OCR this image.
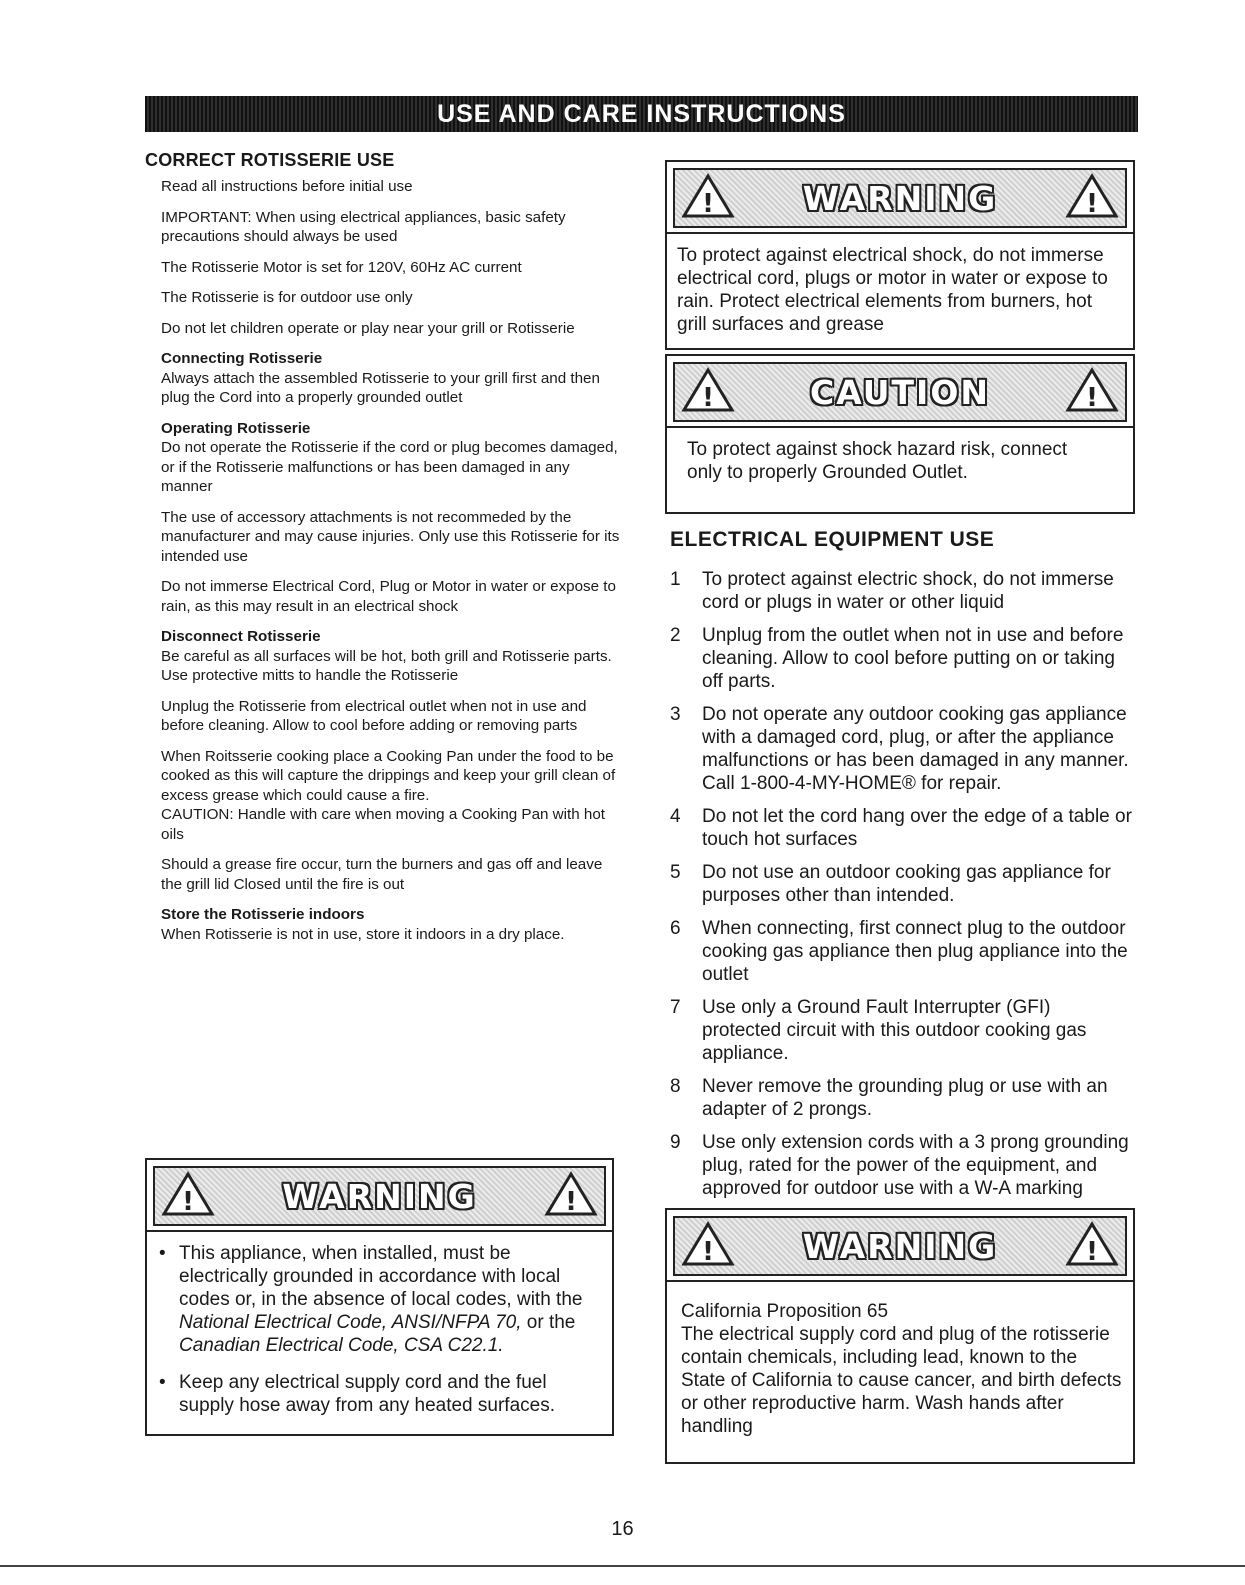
USE AND CARE INSTRUCTIONS
CORRECT ROTISSERIE USE

Read all instructions before initial use

IMPORTANT: When using electrical appliances, basic safety precautions should always be used

The Rotisserie Motor is set for 120V, 60Hz AC current

The Rotisserie is for outdoor use only

Do not let children operate or play near your grill or Rotisserie

Connecting Rotisserie
Always attach the assembled Rotisserie to your grill first and then plug the Cord into a properly grounded outlet

Operating Rotisserie
Do not operate the Rotisserie if the cord or plug becomes damaged, or if the Rotisserie malfunctions or has been damaged in any manner

The use of accessory attachments is not recommeded by the manufacturer and may cause injuries. Only use this Rotisserie for its intended use

Do not immerse Electrical Cord, Plug or Motor in water or expose to rain, as this may result in an electrical shock

Disconnect Rotisserie
Be careful as all surfaces will be hot, both grill and Rotisserie parts. Use protective mitts to handle the Rotisserie

Unplug the Rotisserie from electrical outlet when not in use and before cleaning. Allow to cool before adding or removing parts

When Roitsserie cooking place a Cooking Pan under the food to be cooked as this will capture the drippings and keep your grill clean of excess grease which could cause a fire.

CAUTION: Handle with care when moving a Cooking Pan with hot oils

Should a grease fire occur, turn the burners and gas off and leave the grill lid Closed until the fire is out

Store the Rotisserie indoors
When Rotisserie is not in use, store it indoors in a dry place.

!	WARNING	!
• This appliance, when installed, must be electrically grounded in accordance with local codes or, in the absence of local codes, with the National Electrical Code, ANSI/NFPA 70, or the Canadian Electrical Code, CSA C22.1.
• Keep any electrical supply cord and the fuel supply hose away from any heated surfaces.
!	WARNING	!
To protect against electrical shock, do not immerse electrical cord, plugs or motor in water or expose to rain. Protect electrical elements from burners, hot grill surfaces and grease
!	CAUTION	!
To protect against shock hazard risk, connect only to properly Grounded Outlet.
ELECTRICAL EQUIPMENT USE
1 To protect against electric shock, do not immerse cord or plugs in water or other liquid
2 Unplug from the outlet when not in use and before cleaning. Allow to cool before putting on or taking off parts.
3 Do not operate any outdoor cooking gas appliance with a damaged cord, plug, or after the appliance malfunctions or has been damaged in any manner. Call 1-800-4-MY-HOME® for repair.
4 Do not let the cord hang over the edge of a table or touch hot surfaces
5 Do not use an outdoor cooking gas appliance for purposes other than intended.
6 When connecting, first connect plug to the outdoor cooking gas appliance then plug appliance into the outlet
7 Use only a Ground Fault Interrupter (GFI) protected circuit with this outdoor cooking gas appliance.
8 Never remove the grounding plug or use with an adapter of 2 prongs.
9 Use only extension cords with a 3 prong grounding plug, rated for the power of the equipment, and approved for outdoor use with a W-A marking
!	WARNING	!
California Proposition 65
The electrical supply cord and plug of the rotisserie contain chemicals, including lead, known to the State of California to cause cancer, and birth defects or other reproductive harm. Wash hands after handling
16
